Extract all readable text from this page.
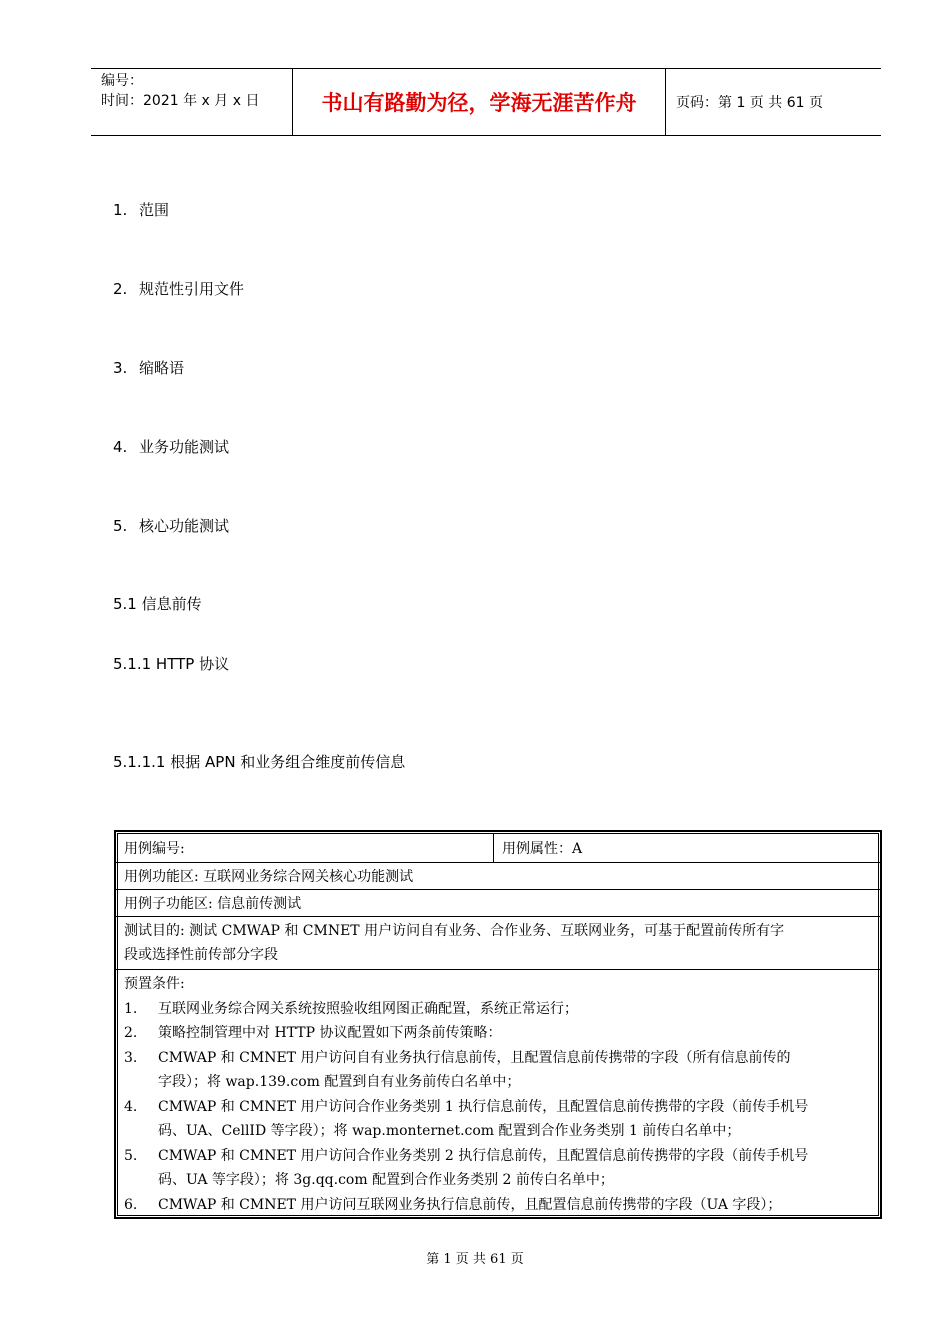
编号：
时间：2021 年 x 月 x 日	书山有路勤为径，学海无涯苦作舟	页码：第 1 页 共 61 页
1. 范围
2. 规范性引用文件
3. 缩略语
4. 业务功能测试
5. 核心功能测试
5.1 信息前传
5.1.1 HTTP 协议
5.1.1.1 根据 APN 和业务组合维度前传信息
用例编号:	用例属性：A
用例功能区: 互联网业务综合网关核心功能测试
用例子功能区: 信息前传测试
测试目的: 测试 CMWAP 和 CMNET 用户访问自有业务、合作业务、互联网业务，可基于配置前传所有字
段或选择性前传部分字段
预置条件:
1.	互联网业务综合网关系统按照验收组网图正确配置，系统正常运行；
2.	策略控制管理中对 HTTP 协议配置如下两条前传策略：
3.	CMWAP 和 CMNET 用户访问自有业务执行信息前传，且配置信息前传携带的字段（所有信息前传的
字段）；将 wap.139.com 配置到自有业务前传白名单中；
4.	CMWAP 和 CMNET 用户访问合作业务类别 1 执行信息前传，且配置信息前传携带的字段（前传手机号
码、UA、CellID 等字段）；将 wap.monternet.com 配置到合作业务类别 1 前传白名单中；
5.	CMWAP 和 CMNET 用户访问合作业务类别 2 执行信息前传，且配置信息前传携带的字段（前传手机号
码、UA 等字段）；将 3g.qq.com 配置到合作业务类别 2 前传白名单中；
6.	CMWAP 和 CMNET 用户访问互联网业务执行信息前传，且配置信息前传携带的字段（UA 字段）；
第 1 页 共 61 页
